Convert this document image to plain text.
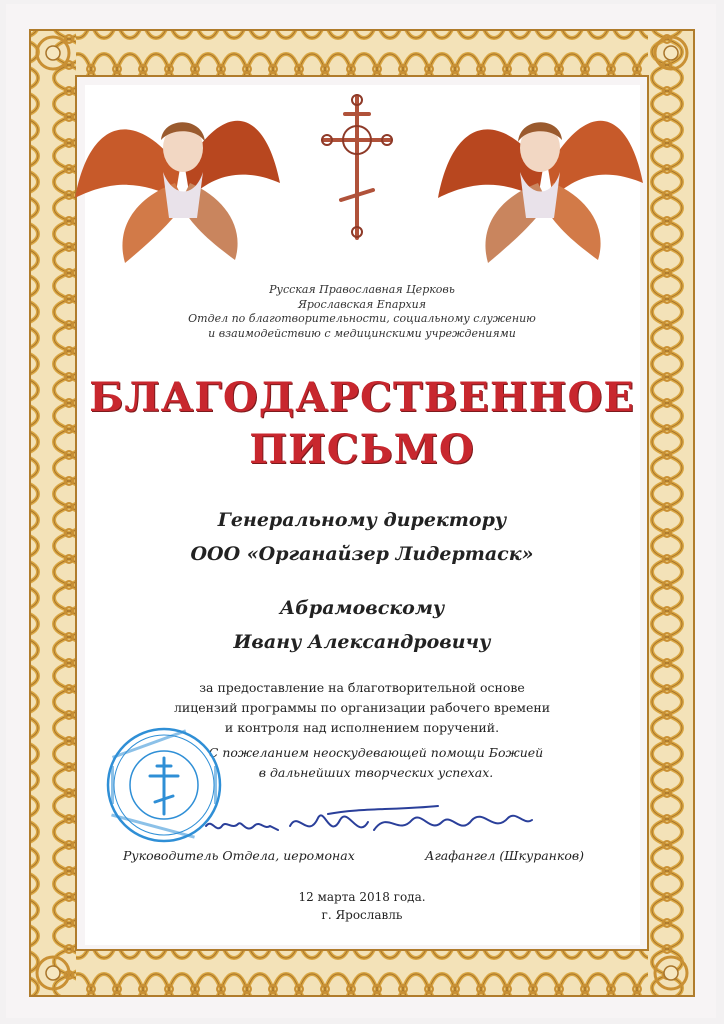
Русская Православная Церковь
Ярославская Епархия
Отдел по благотворительности, социальному служению
и взаимодействию с медицинскими учреждениями
БЛАГОДАРСТВЕННОЕ
ПИСЬМО
Генеральному директору
ООО «Органайзер Лидертаск»
Абрамовскому
Ивану Александровичу
за предоставление на благотворительной основе
лицензий программы по организации рабочего времени
и контроля над исполнением поручений.
С пожеланием неоскудевающей помощи Божией
в дальнейших творческих успехах.
Руководитель Отдела, иеромонах	Агафангел (Шкуранков)
12 марта 2018 года.
г. Ярославль
